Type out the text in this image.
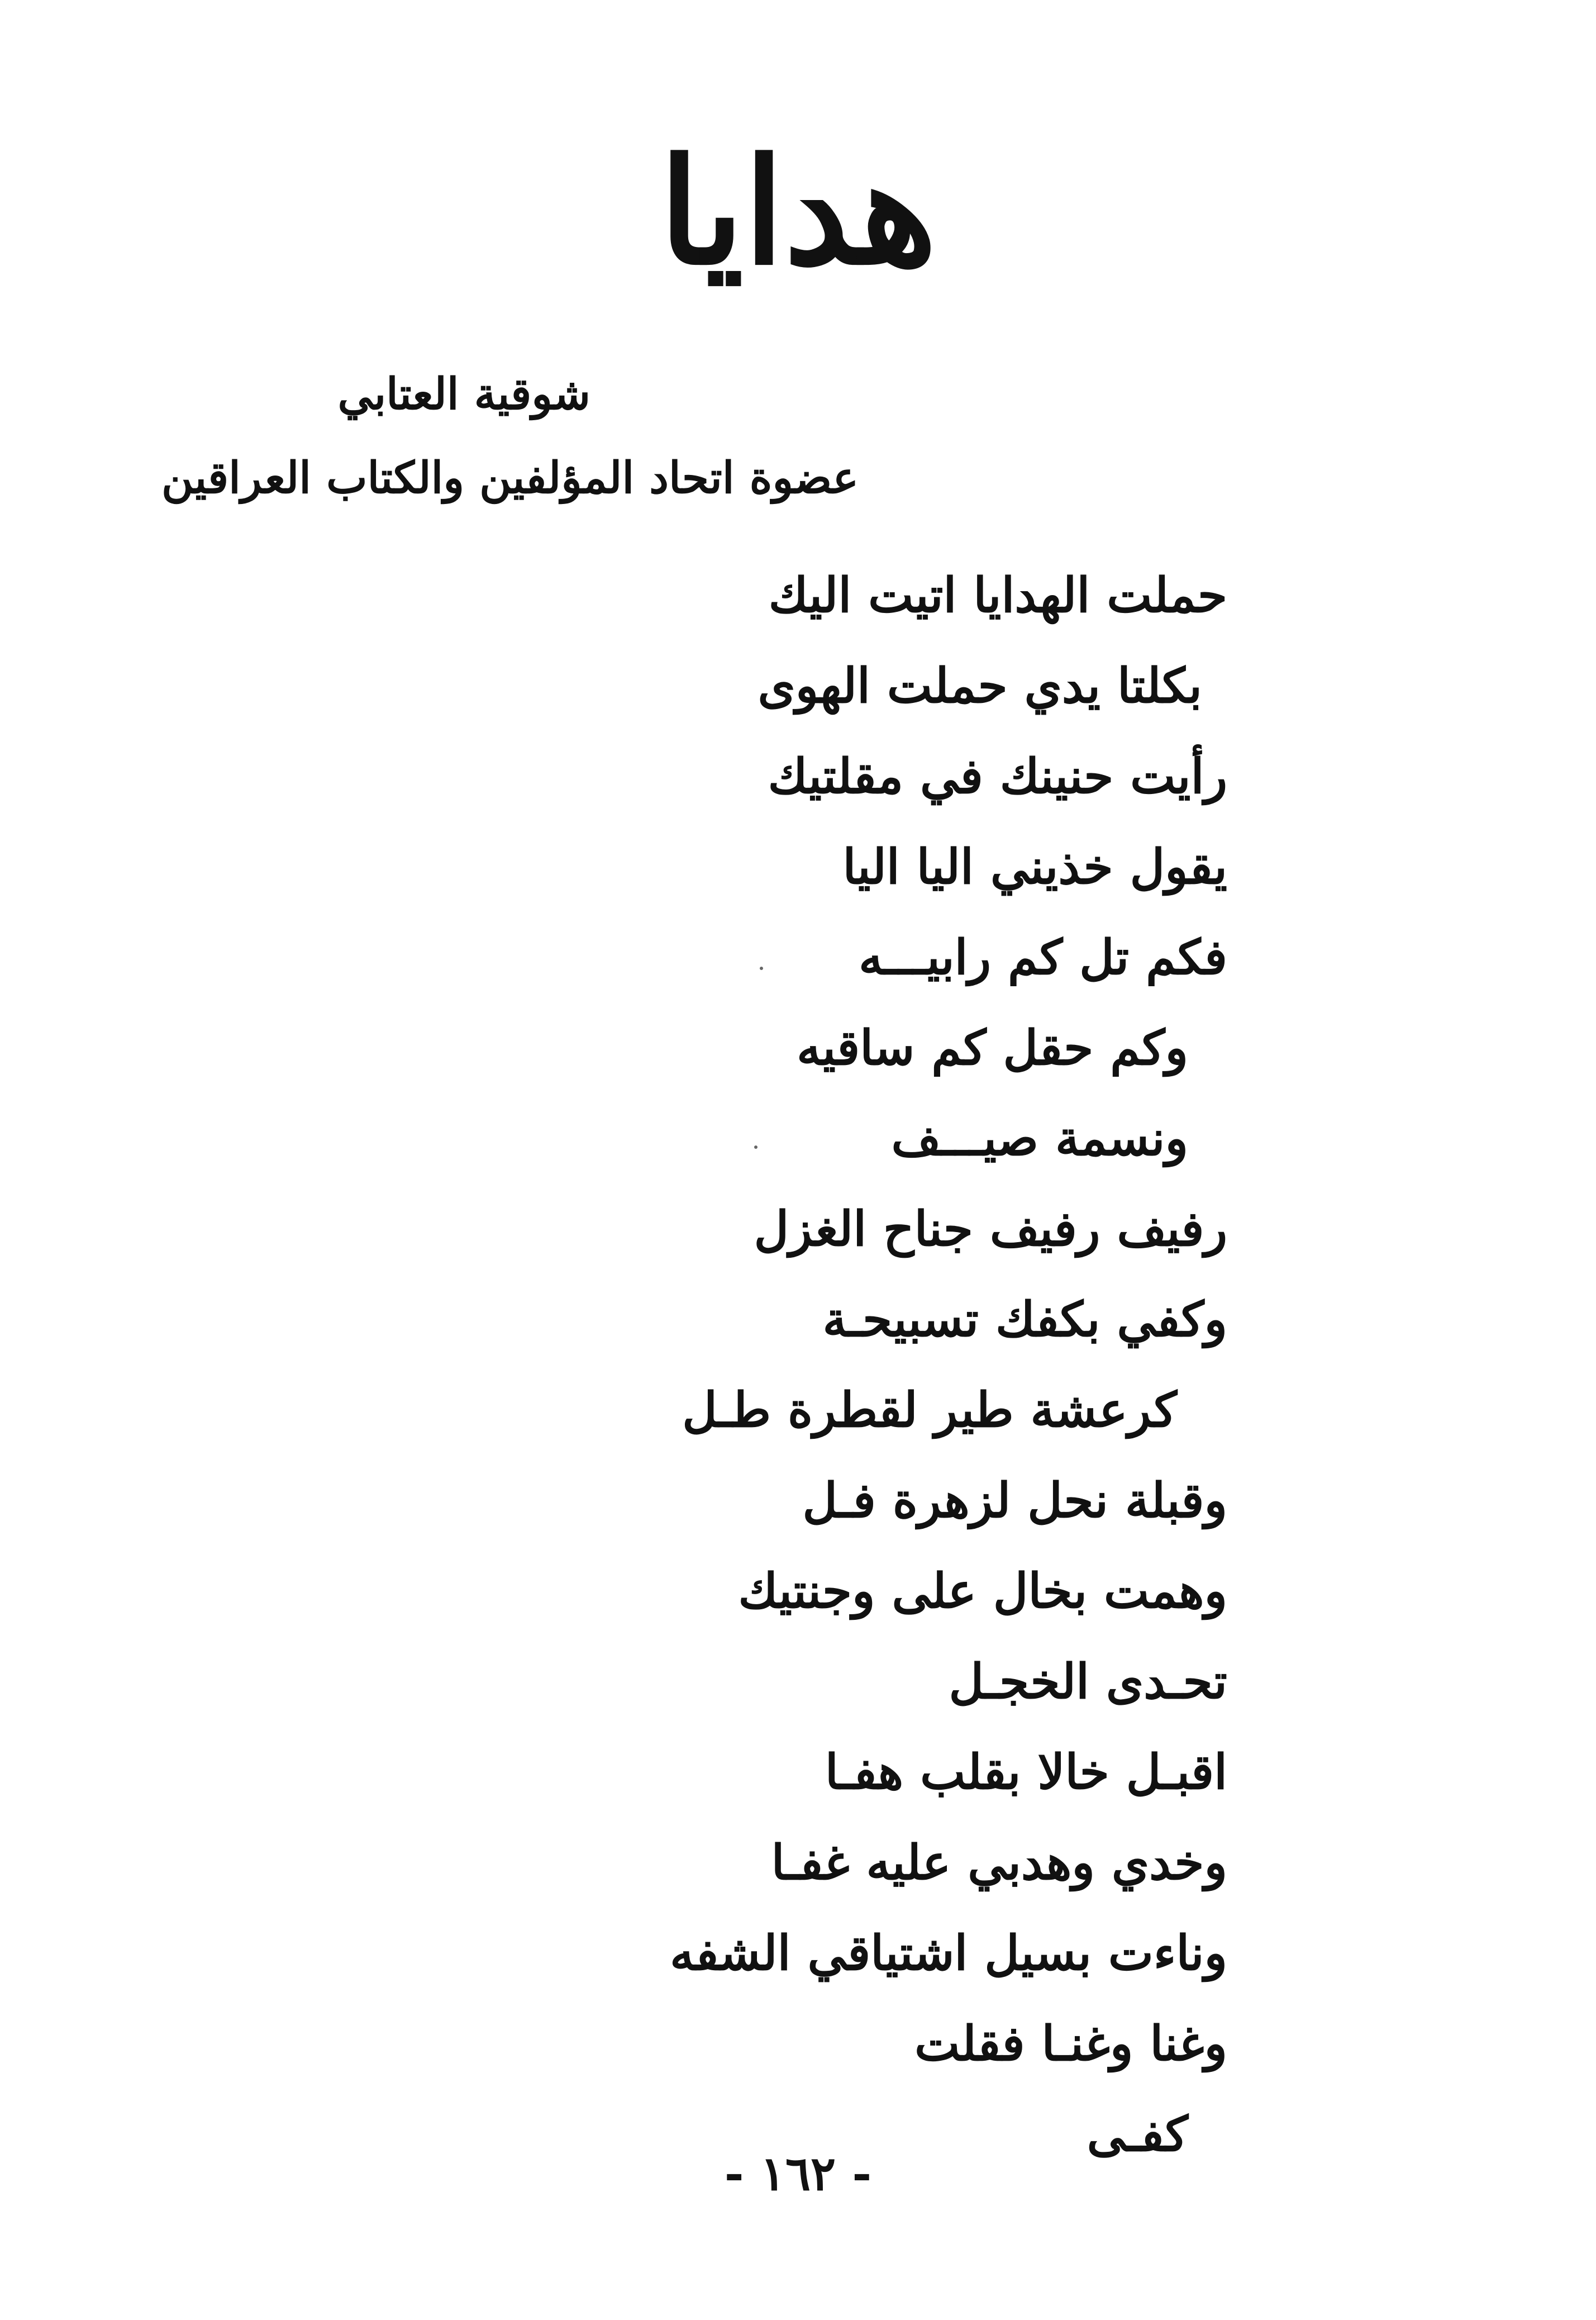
هدايا
شوقية العتابي
عضوة اتحاد المؤلفين والكتاب العراقين
حملت الهدايا اتيت اليك
بكلتا يدي حملت الهوى
رأيت حنينك في مقلتيك
يقول خذيني اليا اليا
فكم تل كم رابيـــه
وكم حقل كم ساقيه
ونسمة صيـــف
رفيف رفيف جناح الغزل
وكفي بكفك تسبيحـة
كرعشة طير لقطرة طـل
وقبلة نحل لزهرة فـل
وهمت بخال على وجنتيك
تحـدى الخجـل
اقبـل خالا بقلب هفـا
وخدي وهدبي عليه غفـا
وناءت بسيل اشتياقي الشفه
وغنا وغنـا فقلت
كفـى
- ١٦٢ -
